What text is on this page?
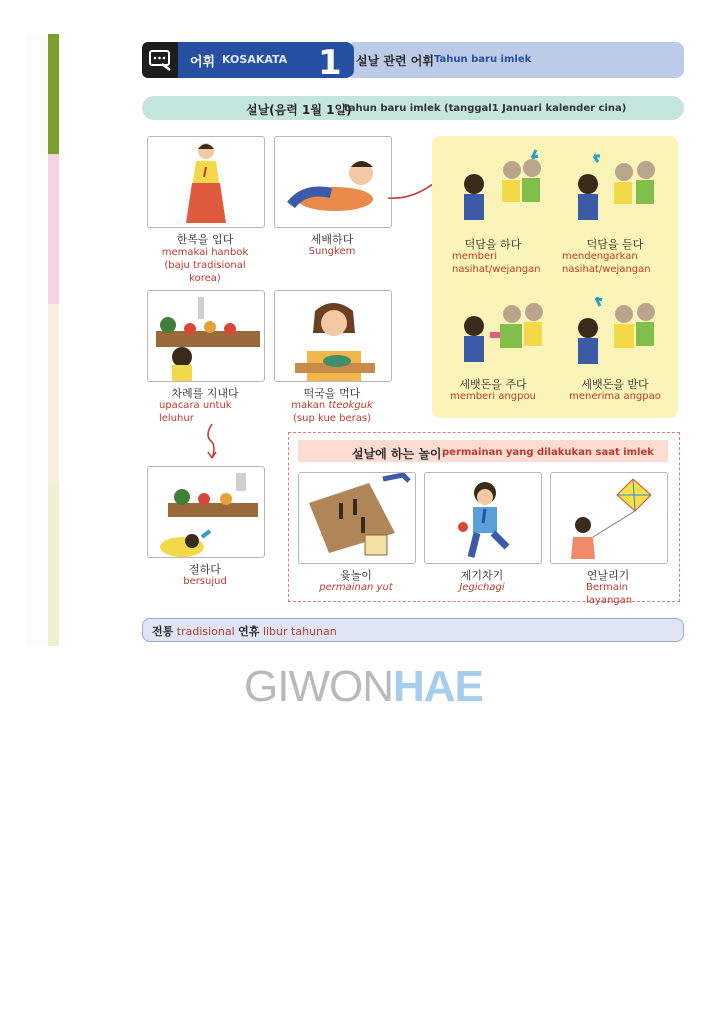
어휘 KOSAKATA 1 설날 관련 어휘 Tahun baru imlek
설날(음력 1월 1일)
tahun baru imlek (tanggal1 Januari kalender cina)
한복을 입다
memakai hanbok
(baju tradisional
korea)
세배하다
Sungkem
차례를 지내다
upacara untuk
leluhur
떡국을 먹다
makan tteokguk
(sup kue beras)
절하다
bersujud
덕담을 하다
memberi
nasihat/wejangan
덕담을 듣다
mendengarkan
nasihat/wejangan
세뱃돈을 주다
memberi angpou
세뱃돈을 받다
menerima angpao
설날에 하는 놀이 permainan yang dilakukan saat imlek
윷놀이
permainan yut
제기차기
Jegichagi
연날리기
Bermain
layangan
전통 tradisional 연휴 libur tahunan
GIWONHAE
